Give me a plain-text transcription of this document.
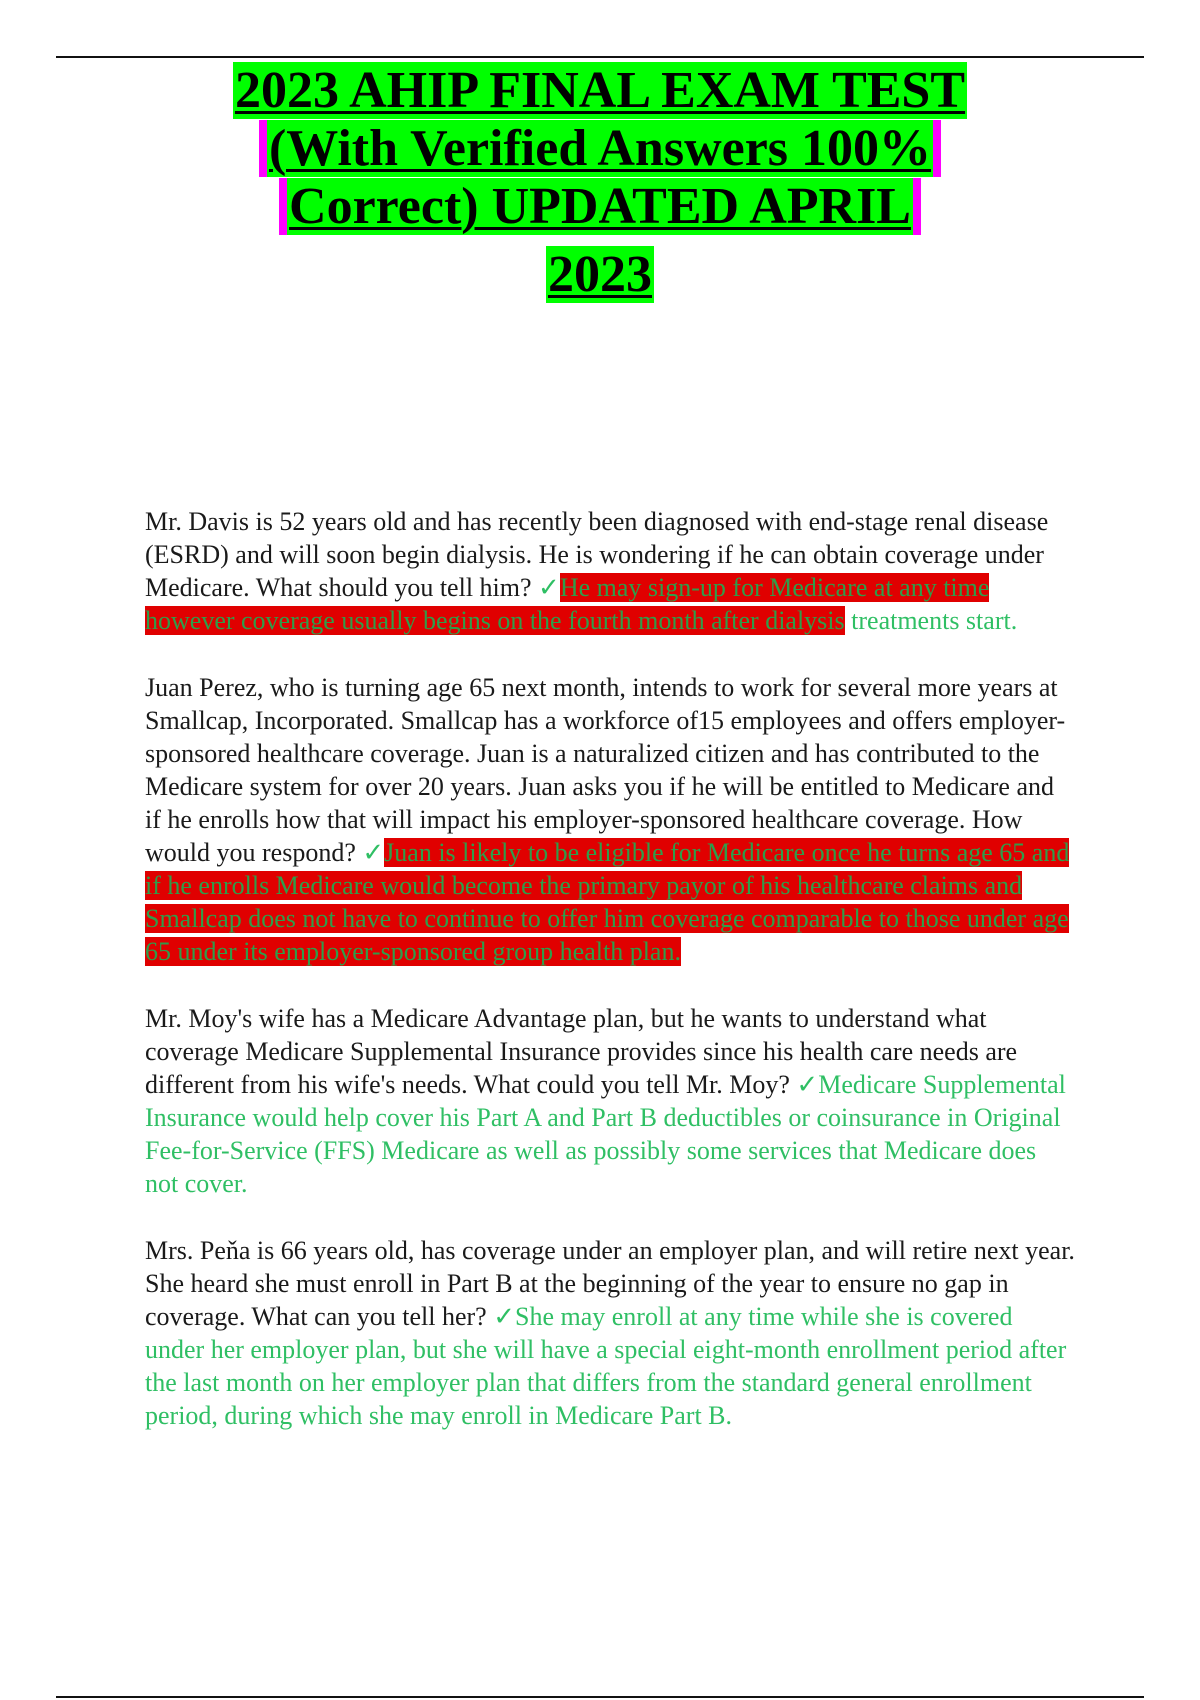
2023 AHIP FINAL EXAM TEST
(With Verified Answers 100%
Correct) UPDATED APRIL
2023

Mr. Davis is 52 years old and has recently been diagnosed with end-stage renal disease (ESRD) and will soon begin dialysis. He is wondering if he can obtain coverage under Medicare. What should you tell him? ✓He may sign-up for Medicare at any time however coverage usually begins on the fourth month after dialysis treatments start.

Juan Perez, who is turning age 65 next month, intends to work for several more years at Smallcap, Incorporated. Smallcap has a workforce of15 employees and offers employer-sponsored healthcare coverage. Juan is a naturalized citizen and has contributed to the Medicare system for over 20 years. Juan asks you if he will be entitled to Medicare and if he enrolls how that will impact his employer-sponsored healthcare coverage. How would you respond? ✓Juan is likely to be eligible for Medicare once he turns age 65 and if he enrolls Medicare would become the primary payor of his healthcare claims and Smallcap does not have to continue to offer him coverage comparable to those under age 65 under its employer-sponsored group health plan.

Mr. Moy's wife has a Medicare Advantage plan, but he wants to understand what coverage Medicare Supplemental Insurance provides since his health care needs are different from his wife's needs. What could you tell Mr. Moy? ✓Medicare Supplemental Insurance would help cover his Part A and Part B deductibles or coinsurance in Original Fee-for-Service (FFS) Medicare as well as possibly some services that Medicare does not cover.

Mrs. Peňa is 66 years old, has coverage under an employer plan, and will retire next year. She heard she must enroll in Part B at the beginning of the year to ensure no gap in coverage. What can you tell her? ✓She may enroll at any time while she is covered under her employer plan, but she will have a special eight-month enrollment period after the last month on her employer plan that differs from the standard general enrollment period, during which she may enroll in Medicare Part B.
